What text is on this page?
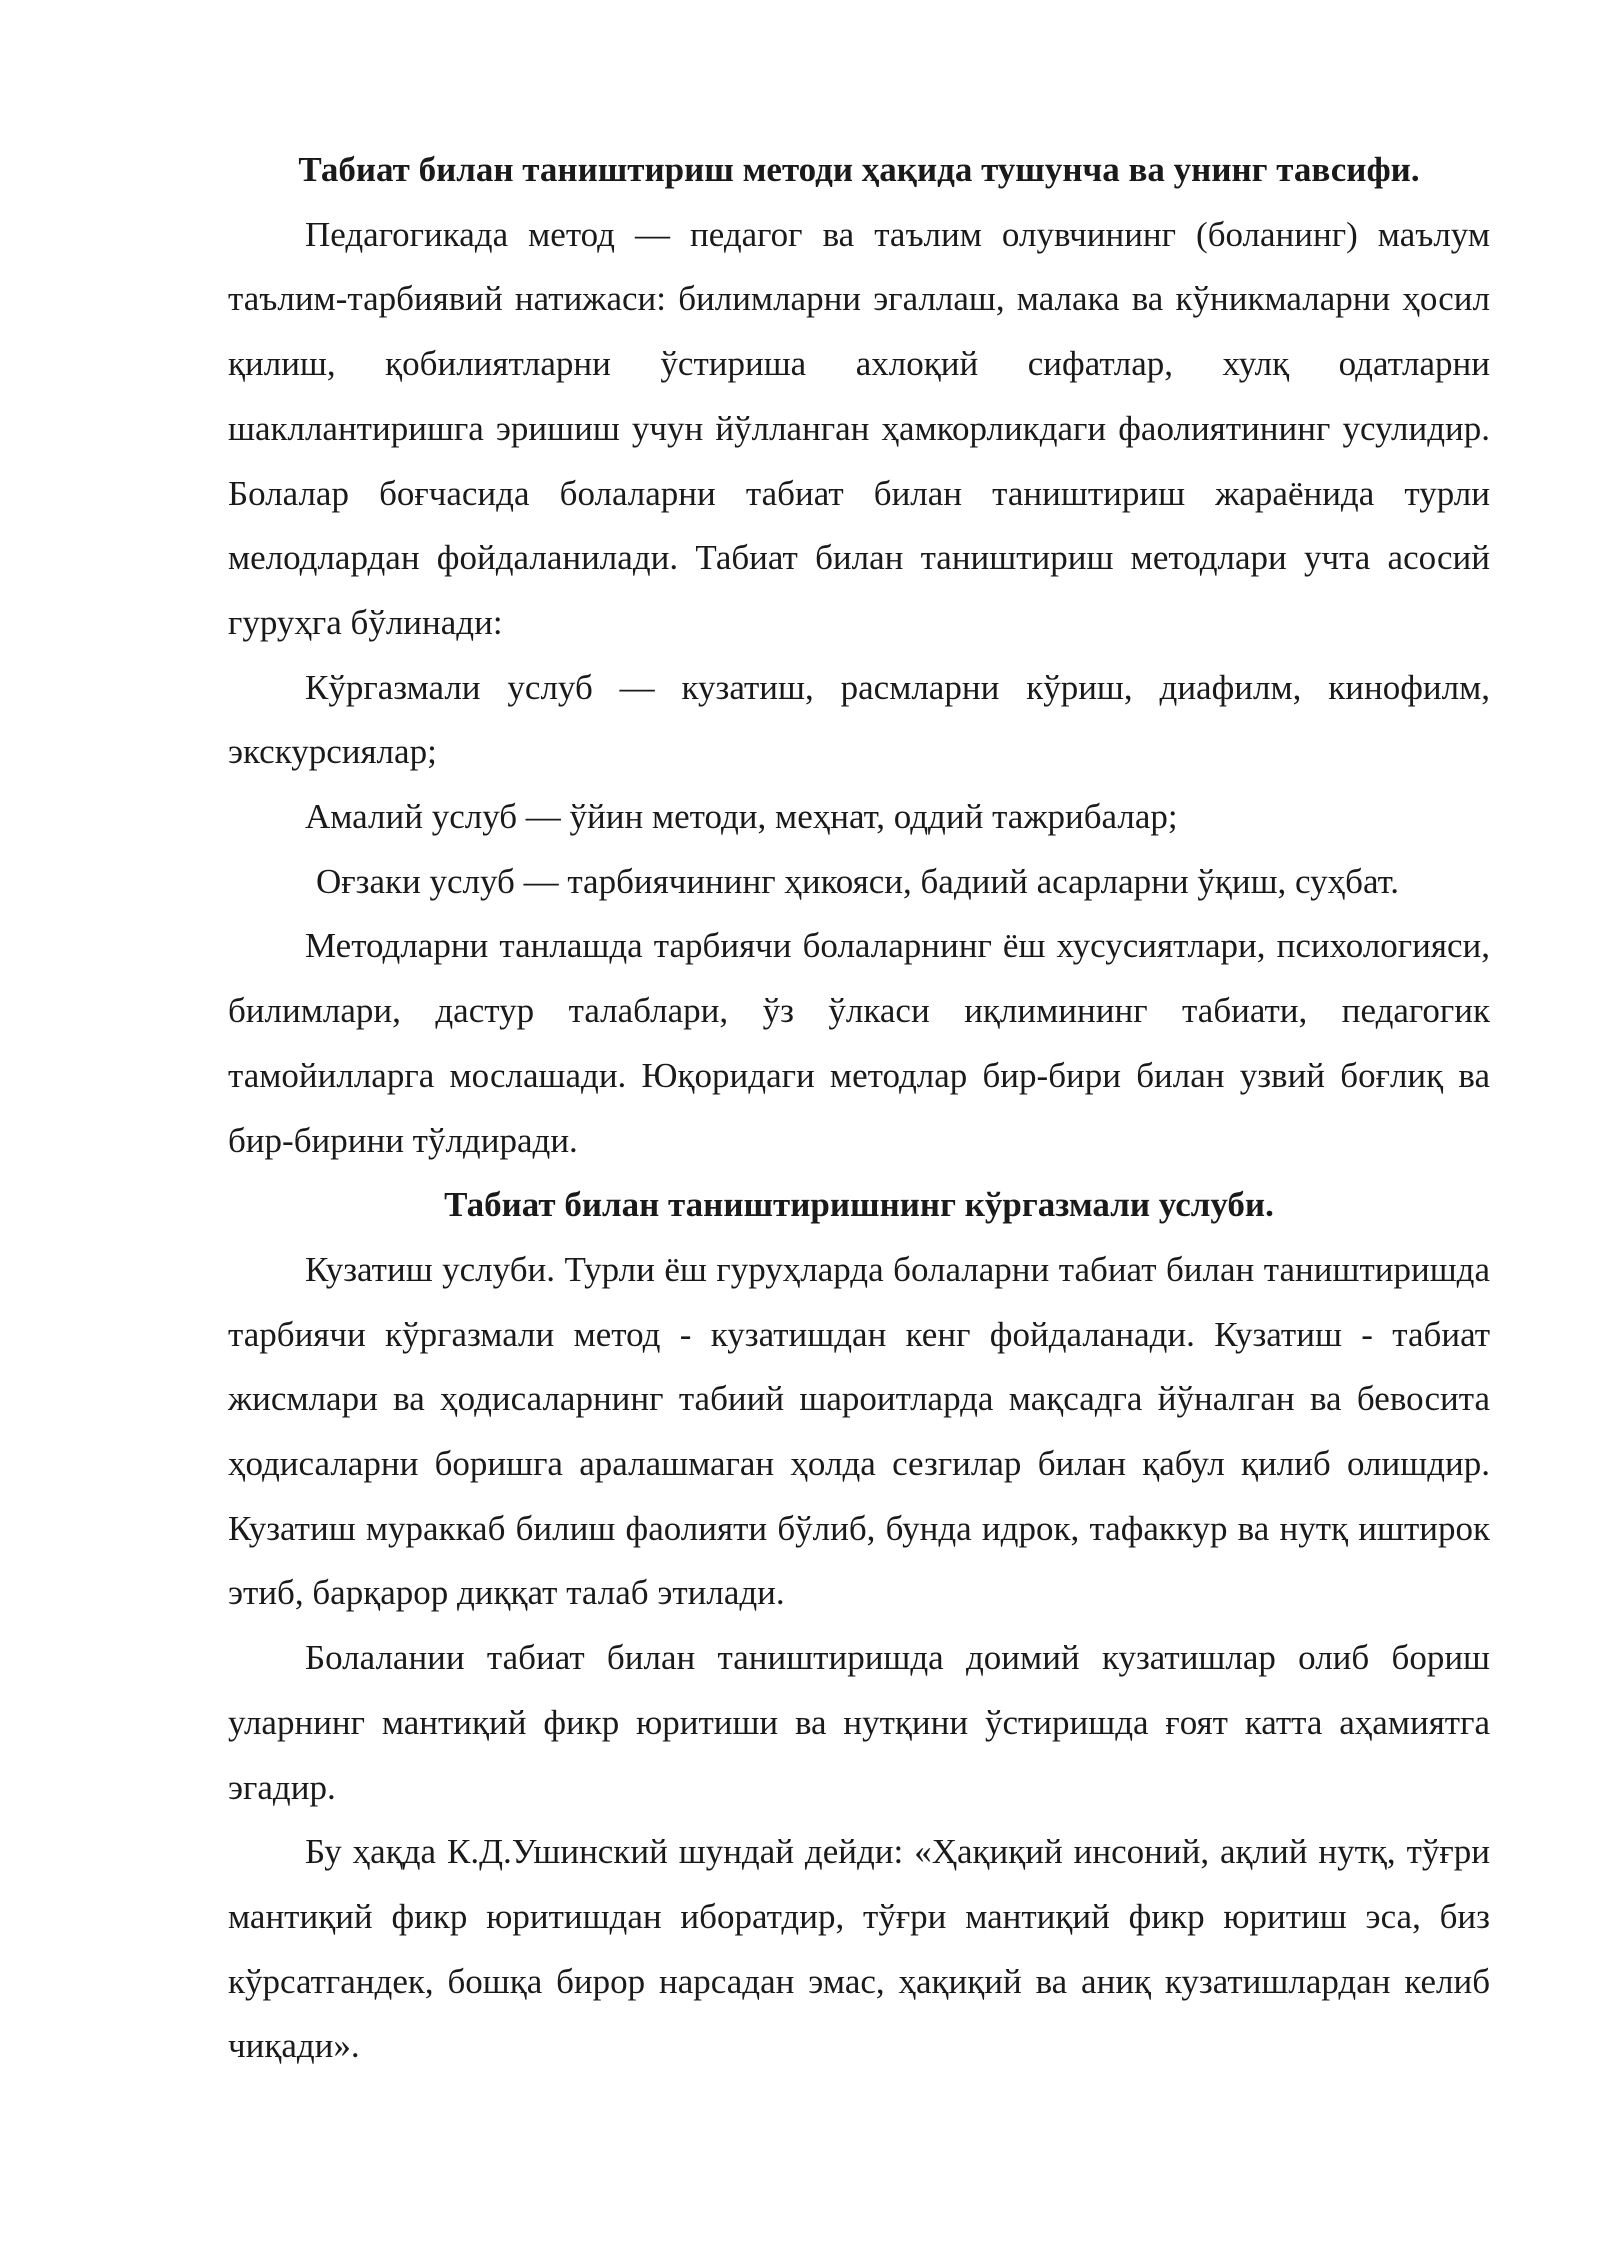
Табиат билан таништириш методи ҳақида тушунча ва унинг тавсифи.

Педагогикада метод — педагог ва таълим олувчининг (боланинг) маълум таълим-тарбиявий натижаси: билимларни эгаллаш, малака ва кўникмаларни ҳосил қилиш, қобилиятларни ўстириша ахлоқий сифатлар, хулқ одатларни шакллантиришга эришиш учун йўлланган ҳамкорликдаги фаолиятининг усулидир. Болалар боғчасида болаларни табиат билан таништириш жараёнида турли мелодлардан фойдаланилади. Табиат билан таништириш методлари учта асосий гуруҳга бўлинади:

Кўргазмали услуб — кузатиш, расмларни кўриш, диафилм, кинофилм, экскурсиялар;

Амалий услуб — ўйин методи, меҳнат, оддий тажрибалар;

Оғзаки услуб — тарбиячининг ҳикояси, бадиий асарларни ўқиш, суҳбат.

Методларни танлашда тарбиячи болаларнинг ёш хусусиятлари, психологияси, билимлари, дастур талаблари, ўз ўлкаси иқлимининг табиати, педагогик тамойилларга мослашади. Юқоридаги методлар бир-бири билан узвий боғлиқ ва бир-бирини тўлдиради.

Табиат билан таништиришнинг кўргазмали услуби.

Кузатиш услуби. Турли ёш гуруҳларда болаларни табиат билан таништиришда тарбиячи кўргазмали метод - кузатишдан кенг фойдаланади. Кузатиш - табиат жисмлари ва ҳодисаларнинг табиий шароитларда мақсадга йўналган ва бевосита ҳодисаларни боришга аралашмаган ҳолда сезгилар билан қабул қилиб олишдир. Кузатиш мураккаб билиш фаолияти бўлиб, бунда идрок, тафаккур ва нутқ иштирок этиб, барқарор диққат талаб этилади.

Болалании табиат билан таништиришда доимий кузатишлар олиб бориш уларнинг мантиқий фикр юритиши ва нутқини ўстиришда ғоят катта аҳамиятга эгадир.

Бу ҳақда К.Д.Ушинский шундай дейди: «Ҳақиқий инсоний, ақлий нутқ, тўғри мантиқий фикр юритишдан иборатдир, тўғри мантиқий фикр юритиш эса, биз кўрсатгандек, бошқа бирор нарсадан эмас, ҳақиқий ва аниқ кузатишлардан келиб чиқади».
